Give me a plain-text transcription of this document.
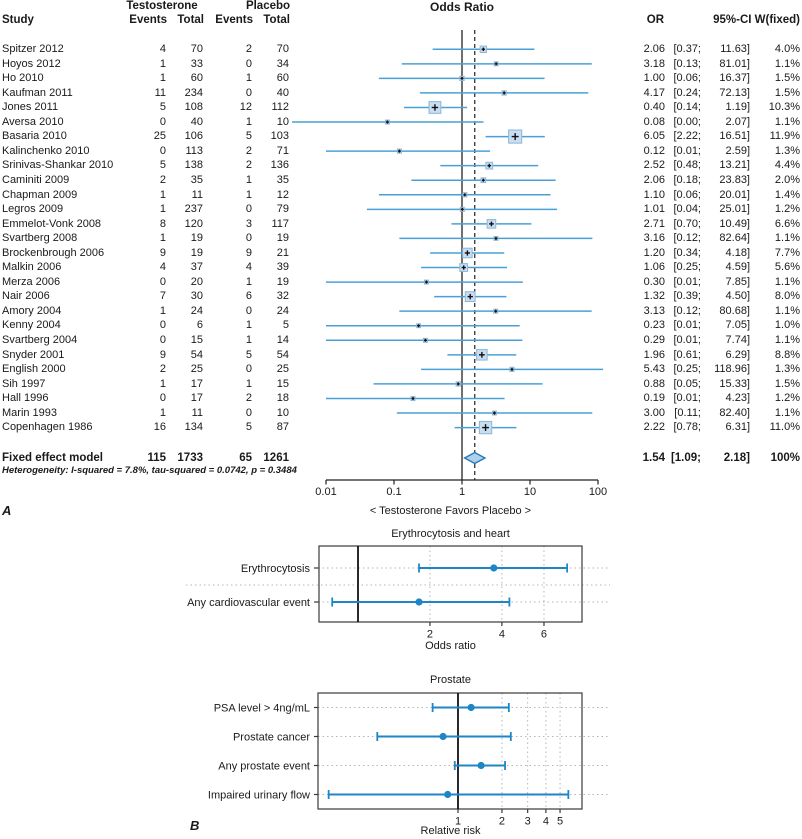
0.01	0.1	1	10	100
Erythrocytosis
Any cardiovascular event
2	4	6
PSA level > 4ng/mL
Prostate cancer
Any prostate event
Impaired urinary flow
1	2 3 4 5
Testosterone	Placebo	Odds Ratio
Study	Events Total Events Total	OR	95%-CI W(fixed)
Spitzer 2012	4	70	2	70	2.06 [0.37;	11.63]	4.0%
Hoyos 2012	1	33	0	34	3.18 [0.13;	81.01]	1.1%
Ho 2010	1	60	1	60	1.00 [0.06;	16.37]	1.5%
Kaufman 2011	11	234	0	40	4.17 [0.24;	72.13]	1.5%
Jones 2011	5	108	12	112	0.40 [0.14;	1.19]	10.3%
Aversa 2010	0	40	1	10	0.08 [0.00;	2.07]	1.1%
Basaria 2010	25	106	5	103	6.05 [2.22;	16.51]	11.9%
Kalinchenko 2010	0	113	2	71	0.12 [0.01;	2.59]	1.3%
Srinivas-Shankar 2010	5	138	2	136	2.52 [0.48;	13.21]	4.4%
Caminiti 2009	2	35	1	35	2.06 [0.18;	23.83]	2.0%
Chapman 2009	1	11	1	12	1.10 [0.06;	20.01]	1.4%
Legros 2009	1	237	0	79	1.01 [0.04;	25.01]	1.2%
Emmelot-Vonk 2008	8	120	3	117	2.71 [0.70;	10.49]	6.6%
Svartberg 2008	1	19	0	19	3.16 [0.12;	82.64]	1.1%
Brockenbrough 2006	9	19	9	21	1.20 [0.34;	4.18]	7.7%
Malkin 2006	4	37	4	39	1.06 [0.25;	4.59]	5.6%
Merza 2006	0	20	1	19	0.30 [0.01;	7.85]	1.1%
Nair 2006	7	30	6	32	1.32 [0.39;	4.50]	8.0%
Amory 2004	1	24	0	24	3.13 [0.12;	80.68]	1.1%
Kenny 2004	0	6	1	5	0.23 [0.01;	7.05]	1.0%
Svartberg 2004	0	15	1	14	0.29 [0.01;	7.74]	1.1%
Snyder 2001	9	54	5	54	1.96 [0.61;	6.29]	8.8%
English 2000	2	25	0	25	5.43 [0.25;	118.96]	1.3%
Sih 1997	1	17	1	15	0.88 [0.05;	15.33]	1.5%
Hall 1996	0	17	2	18	0.19 [0.01;	4.23]	1.2%
Marin 1993	1	11	0	10	3.00 [0.11;	82.40]	1.1%
Copenhagen 1986	16	134	5	87	2.22 [0.78;	6.31]	11.0%
Fixed effect model	115 1733	65 1261	1.54 [1.09;	2.18]	100%
Heterogeneity: I-squared = 7.8%, tau-squared = 0.0742, p = 0.3484
< Testosterone Favors Placebo >
A
Erythrocytosis and heart
Odds ratio
Prostate
Relative risk
B
